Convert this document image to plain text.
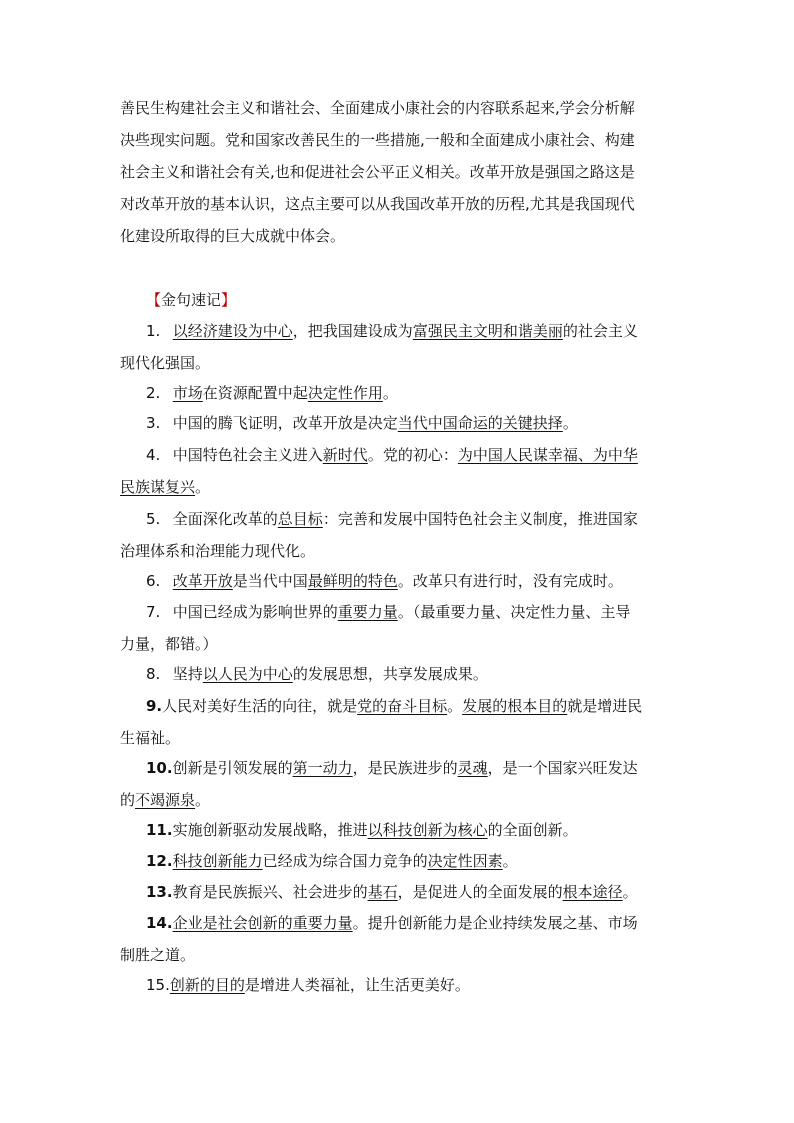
善民生构建社会主义和谐社会、全面建成小康社会的内容联系起来,学会分析解
决些现实问题。党和国家改善民生的一些措施,一般和全面建成小康社会、构建
社会主义和谐社会有关,也和促进社会公平正义相关。改革开放是强国之路这是
对改革开放的基本认识，这点主要可以从我国改革开放的历程,尤其是我国现代
化建设所取得的巨大成就中体会。
【金句速记】
1. 以经济建设为中心，把我国建设成为富强民主文明和谐美丽的社会主义
现代化强国。
2. 市场在资源配置中起决定性作用。
3. 中国的腾飞证明，改革开放是决定当代中国命运的关键抉择。
4. 中国特色社会主义进入新时代。党的初心：为中国人民谋幸福、为中华
民族谋复兴。
5. 全面深化改革的总目标：完善和发展中国特色社会主义制度，推进国家
治理体系和治理能力现代化。
6. 改革开放是当代中国最鲜明的特色。改革只有进行时，没有完成时。
7. 中国已经成为影响世界的重要力量。（最重要力量、决定性力量、主导
力量，都错。）
8. 坚持以人民为中心的发展思想，共享发展成果。
9.人民对美好生活的向往，就是党的奋斗目标。发展的根本目的就是增进民
生福祉。
10.创新是引领发展的第一动力，是民族进步的灵魂，是一个国家兴旺发达
的不竭源泉。
11.实施创新驱动发展战略，推进以科技创新为核心的全面创新。
12.科技创新能力已经成为综合国力竞争的决定性因素。
13.教育是民族振兴、社会进步的基石，是促进人的全面发展的根本途径。
14.企业是社会创新的重要力量。提升创新能力是企业持续发展之基、市场
制胜之道。
15.创新的目的是增进人类福祉，让生活更美好。
